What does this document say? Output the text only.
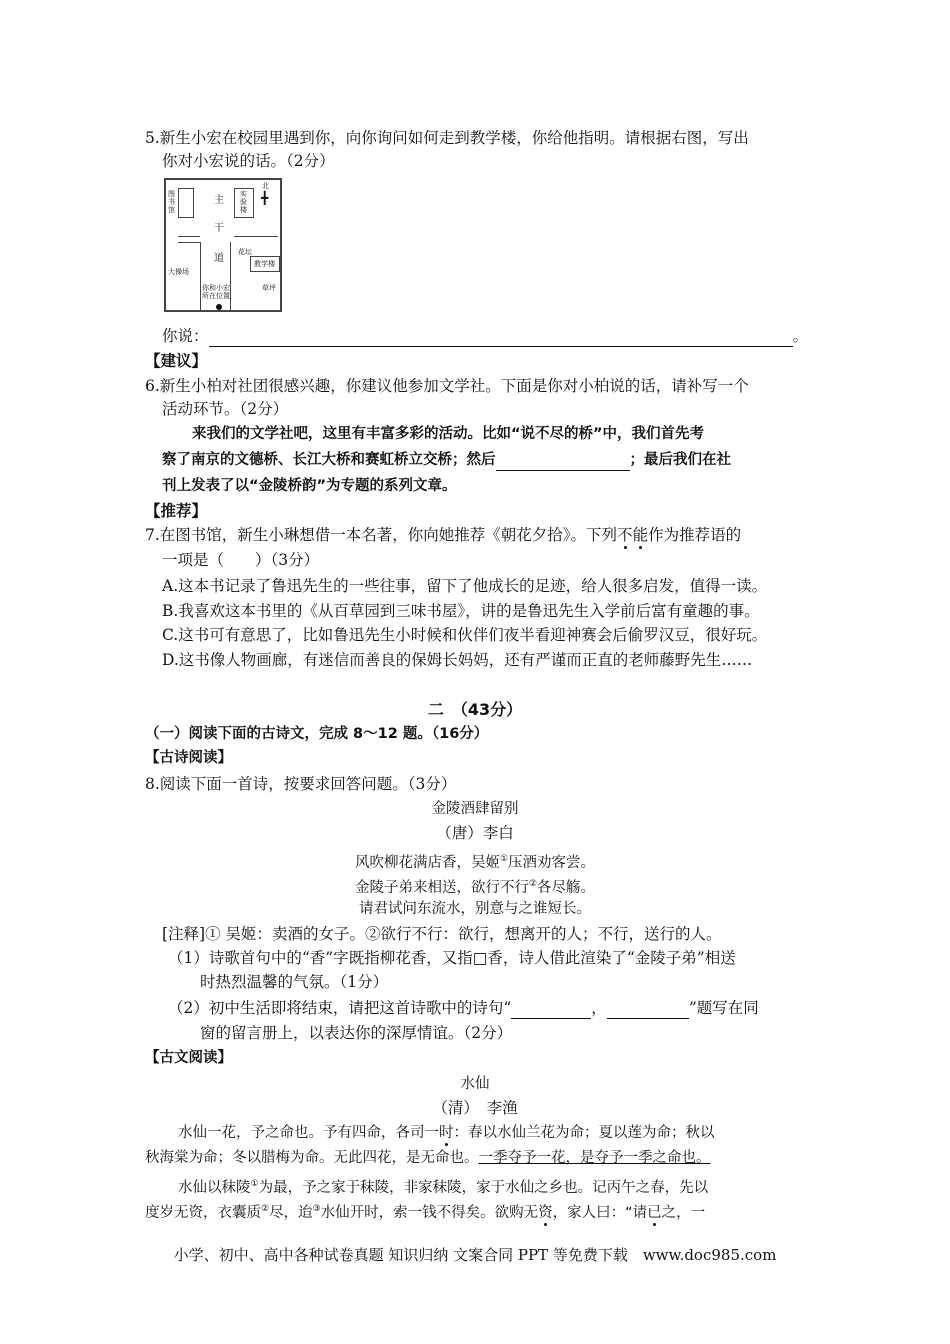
5.新生小宏在校园里遇到你，向你询问如何走到教学楼，你给他指明。请根据右图，写出
你对小宏说的话。（2分）
图书馆
实验楼
北
╋
主
干
道
大操场
教学楼
花坛
草坪
你和小宏所在位置
你说：	。
【建议】
6.新生小柏对社团很感兴趣，你建议他参加文学社。下面是你对小柏说的话，请补写一个
活动环节。（2分）
来我们的文学社吧，这里有丰富多彩的活动。比如“说不尽的桥”中，我们首先考
察了南京的文德桥、长江大桥和赛虹桥立交桥；然后	；最后我们在社
刊上发表了以“金陵桥韵”为专题的系列文章。
【推荐】
7.在图书馆，新生小琳想借一本名著，你向她推荐《朝花夕拾》。下列不能作为推荐语的
一项是（　　）（3分）
A.这本书记录了鲁迅先生的一些往事，留下了他成长的足迹，给人很多启发，值得一读。
B.我喜欢这本书里的《从百草园到三味书屋》，讲的是鲁迅先生入学前后富有童趣的事。
C.这书可有意思了，比如鲁迅先生小时候和伙伴们夜半看迎神赛会后偷罗汉豆，很好玩。
D.这书像人物画廊，有迷信而善良的保姆长妈妈，还有严谨而正直的老师藤野先生……
二　（43分）
（一）阅读下面的古诗文，完成 8～12 题。（16分）
【古诗阅读】
8.阅读下面一首诗，按要求回答问题。（3分）
金陵酒肆留别
（唐）李白
风吹柳花满店香，吴姬①压酒劝客尝。
金陵子弟来相送，欲行不行②各尽觞。
请君试问东流水，别意与之谁短长。
[注释]① 吴姬：卖酒的女子。②欲行不行：欲行，想离开的人；不行，送行的人。
（1）诗歌首句中的“香”字既指柳花香，又指□香，诗人借此渲染了“金陵子弟”相送
时热烈温馨的气氛。（1分）
（2）初中生活即将结束，请把这首诗歌中的诗句“	，	”题写在同
窗的留言册上，以表达你的深厚情谊。（2分）
【古文阅读】
水仙
（清）　李渔
水仙一花，予之命也。予有四命，各司一时：春以水仙兰花为命；夏以莲为命；秋以
秋海棠为命；冬以腊梅为命。无此四花，是无命也。一季夺予一花，是夺予一季之命也。
水仙以秣陵①为最，予之家于秣陵，非家秣陵，家于水仙之乡也。记丙午之春，先以
度岁无资，衣囊质②尽，迨③水仙开时，索一钱不得矣。欲购无资，家人曰：“请已之，一
小学、初中、高中各种试卷真题 知识归纳 文案合同 PPT 等免费下载　www.doc985.com
